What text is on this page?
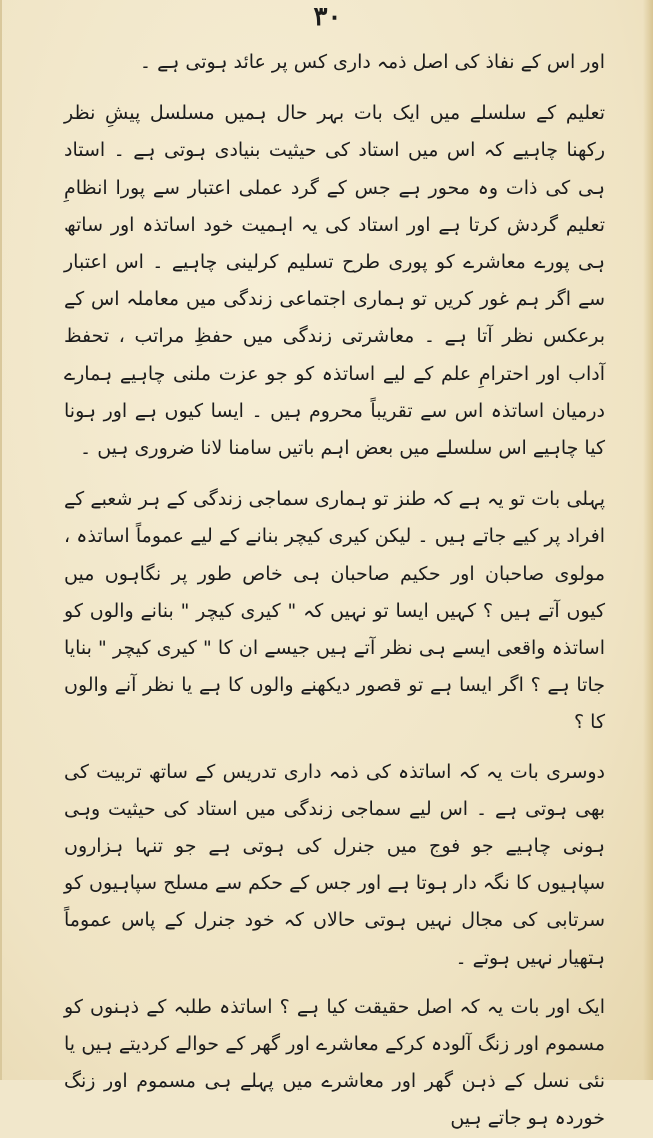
۳۰

اور اس کے نفاذ کی اصل ذمہ داری کس پر عائد ہوتی ہے ۔

تعلیم کے سلسلے میں ایک بات بہر حال ہمیں مسلسل پیشِ نظر رکھنا چاہیے کہ اس میں استاد کی حیثیت بنیادی ہوتی ہے ۔ استاد ہی کی ذات وہ محور ہے جس کے گرد عملی اعتبار سے پورا انظامِ تعلیم گردش کرتا ہے اور استاد کی یہ اہمیت خود اساتذہ اور ساتھ ہی پورے معاشرے کو پوری طرح تسلیم کرلینی چاہیے ۔ اس اعتبار سے اگر ہم غور کریں تو ہماری اجتماعی زندگی میں معاملہ اس کے برعکس نظر آتا ہے ۔ معاشرتی زندگی میں حفظِ مراتب ، تحفظ آداب اور احترامِ علم کے لیے اساتذہ کو جو عزت ملنی چاہیے ہمارے درمیان اساتذہ اس سے تقریباً محروم ہیں ۔ ایسا کیوں ہے اور ہونا کیا چاہیے اس سلسلے میں بعض اہم باتیں سامنا لانا ضروری ہیں ۔

پہلی بات تو یہ ہے کہ طنز تو ہماری سماجی زندگی کے ہر شعبے کے افراد پر کیے جاتے ہیں ۔ لیکن کیری کیچر بنانے کے لیے عموماً اساتذہ ، مولوی صاحبان اور حکیم صاحبان ہی خاص طور پر نگاہوں میں کیوں آتے ہیں ؟ کہیں ایسا تو نہیں کہ " کیری کیچر " بنانے والوں کو اساتذہ واقعی ایسے ہی نظر آتے ہیں جیسے ان کا " کیری کیچر " بنایا جاتا ہے ؟ اگر ایسا ہے تو قصور دیکھنے والوں کا ہے یا نظر آنے والوں کا ؟

دوسری بات یہ کہ اساتذہ کی ذمہ داری تدریس کے ساتھ تربیت کی بھی ہوتی ہے ۔ اس لیے سماجی زندگی میں استاد کی حیثیت وہی ہونی چاہیے جو فوج میں جنرل کی ہوتی ہے جو تنہا ہزاروں سپاہیوں کا نگہ دار ہوتا ہے اور جس کے حکم سے مسلح سپاہیوں کو سرتابی کی مجال نہیں ہوتی حالاں کہ خود جنرل کے پاس عموماً ہتھیار نہیں ہوتے ۔

ایک اور بات یہ کہ اصل حقیقت کیا ہے ؟ اساتذہ طلبہ کے ذہنوں کو مسموم اور زنگ آلودہ کرکے معاشرے اور گھر کے حوالے کردیتے ہیں یا نئی نسل کے ذہن گھر اور معاشرے میں پہلے ہی مسموم اور زنگ خوردہ ہو جاتے ہیں
